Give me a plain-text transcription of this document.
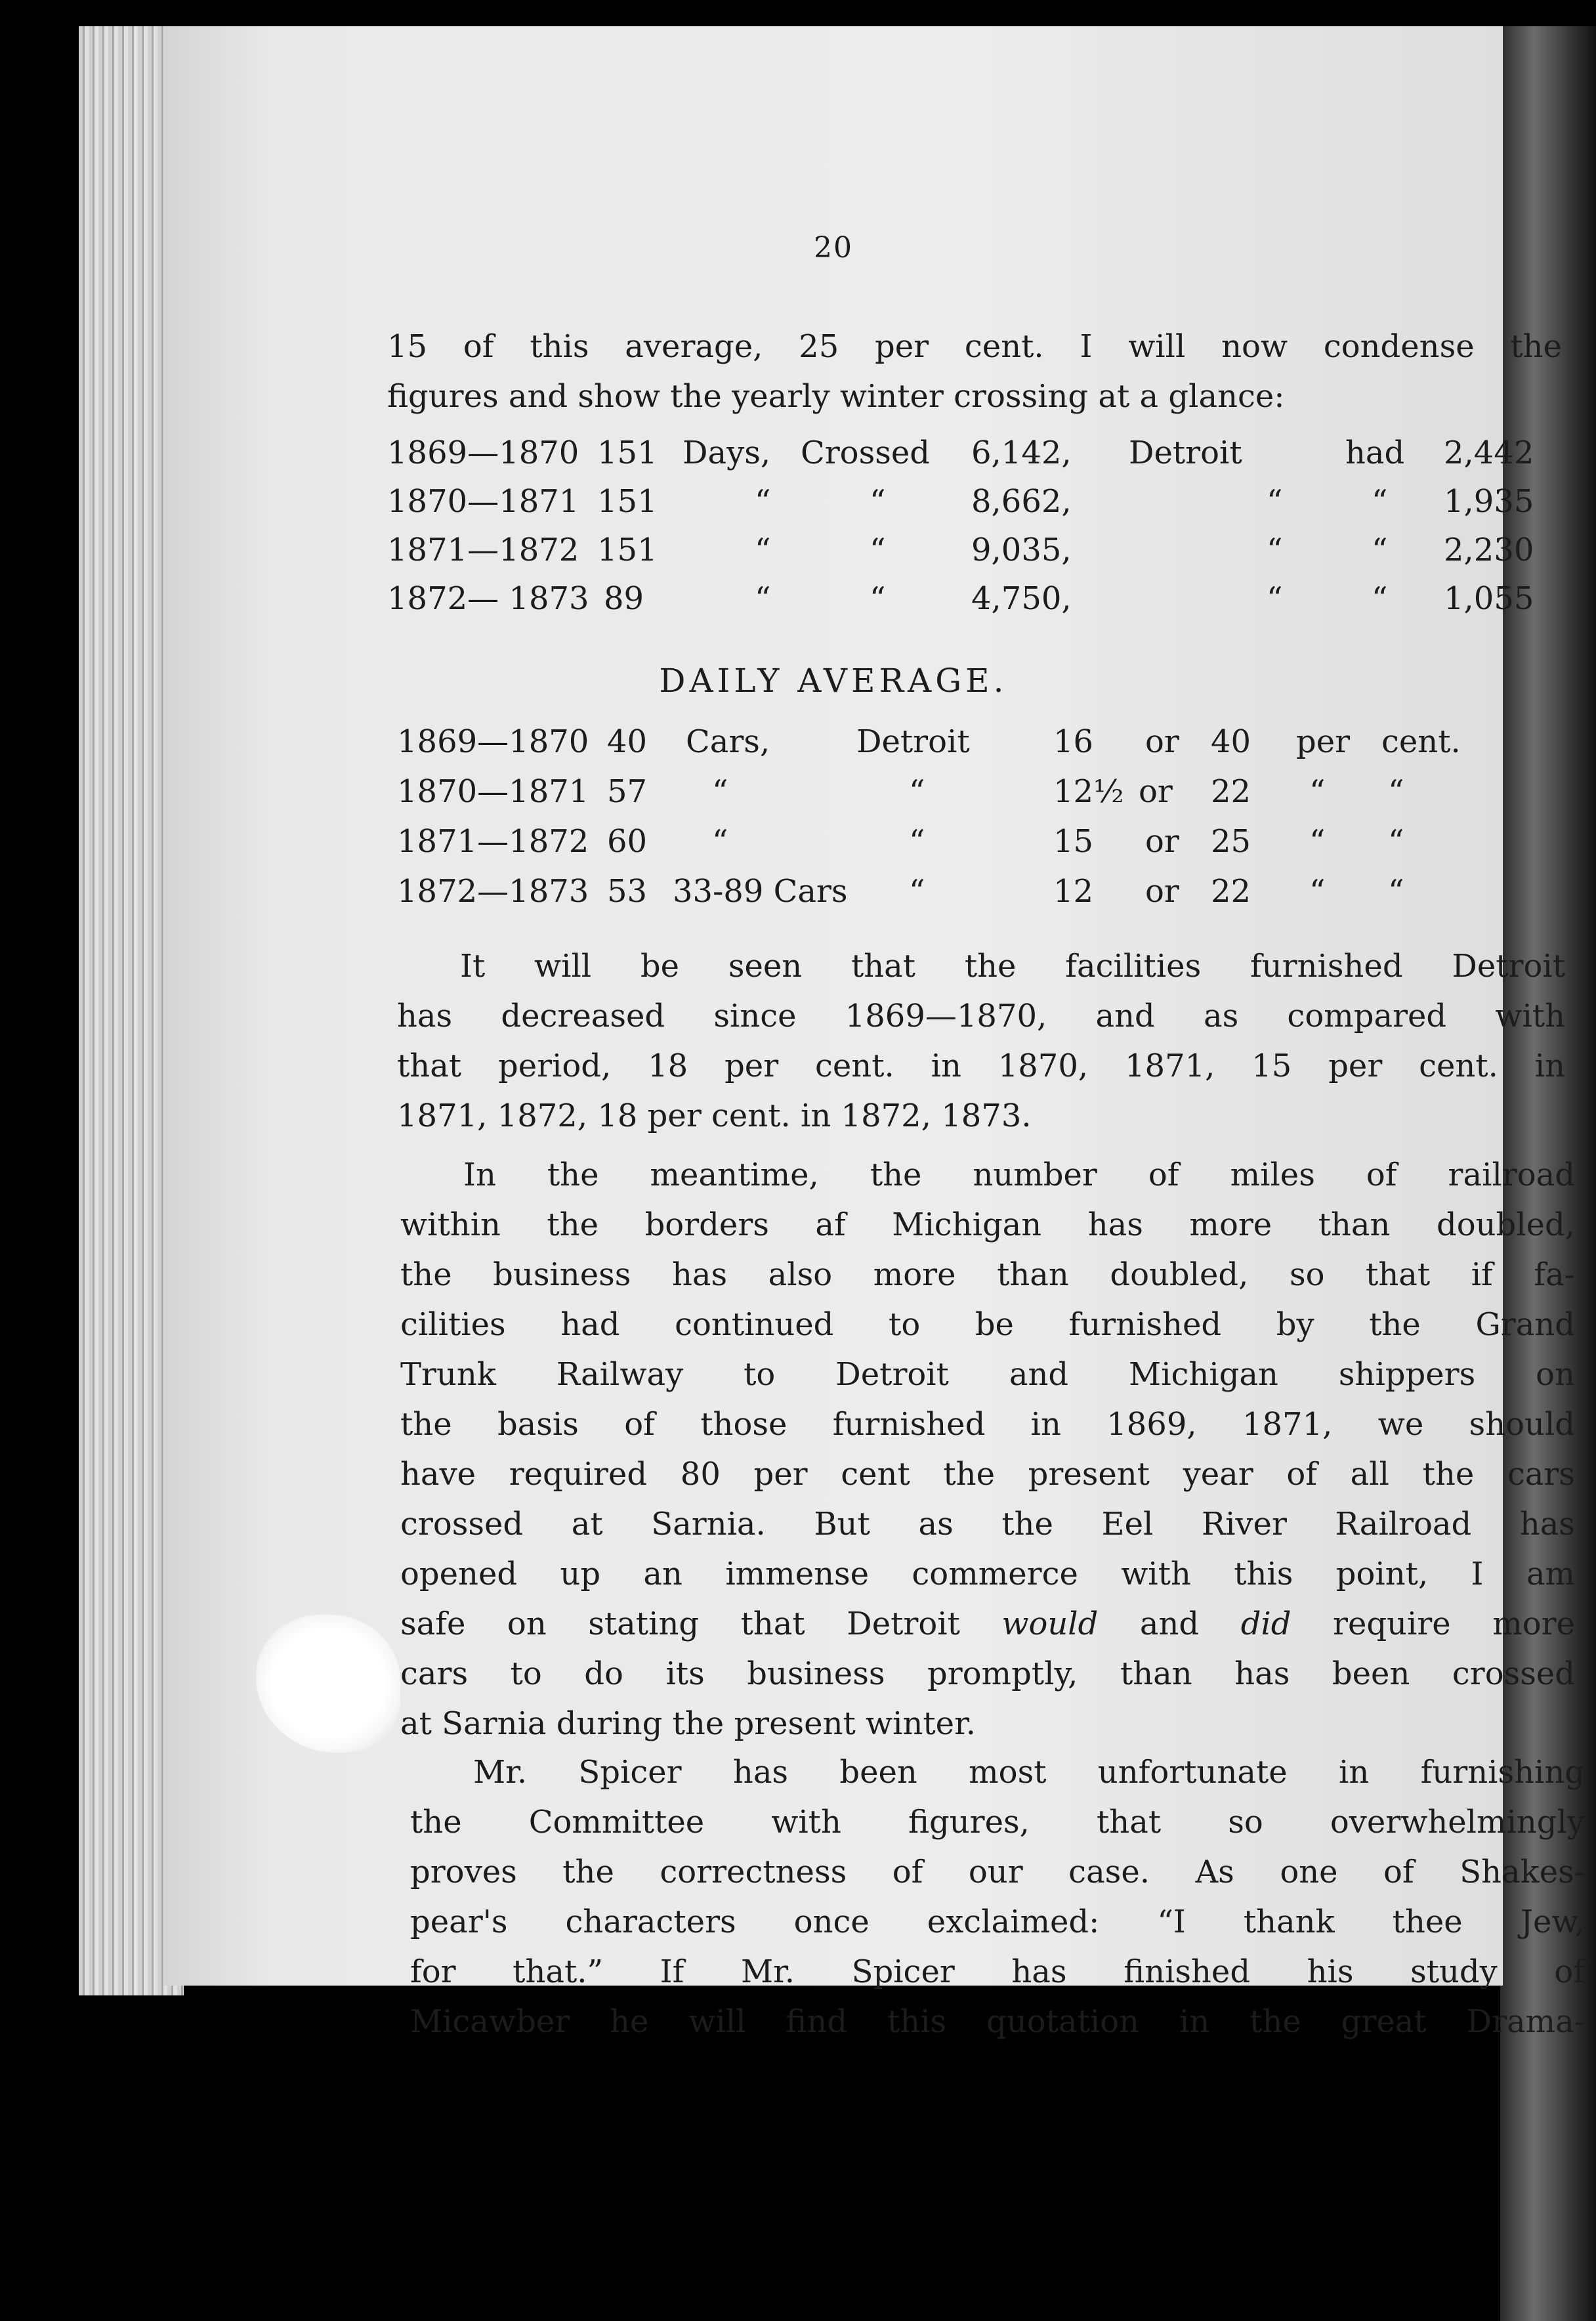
20
15 of this average, 25 per cent. I will now condense the
figures and show the yearly winter crossing at a glance:
1869—1870 151 Days, Crossed 6,142, Detroit	had 2,442
1870—1871 151	“	“	8,662,	“	“ 1,935
1871—1872 151	“	“	9,035,	“	“ 2,230
1872— 1873 89	“	“	4,750,	“	“ 1,055
DAILY AVERAGE.
1869—1870 40 Cars,	Detroit	16 or 40 per cent.
1870—1871 57 “	“	12½ or 22 “ “
1871—1872 60 “	“	15 or 25 “ “
1872—1873 53 33-89 Cars “	12 or 22 “ “
It will be seen that the facilities furnished Detroit
has decreased since 1869—1870, and as compared with
that period, 18 per cent. in 1870, 1871, 15 per cent. in
1871, 1872, 18 per cent. in 1872, 1873.
In the meantime, the number of miles of railroad
within the borders af Michigan has more than doubled,
the business has also more than doubled, so that if fa-
cilities had continued to be furnished by the Grand
Trunk Railway to Detroit and Michigan shippers on
the basis of those furnished in 1869, 1871, we should
have required 80 per cent the present year of all the cars
crossed at Sarnia. But as the Eel River Railroad has
opened up an immense commerce with this point, I am
safe on stating that Detroit would and did require more
cars to do its business promptly, than has been crossed
at Sarnia during the present winter.
Mr. Spicer has been most unfortunate in furnishing
the Committee with figures, that so overwhelmingly
proves the correctness of our case. As one of Shakes-
pear's characters once exclaimed: “I thank thee Jew,
for that.” If Mr. Spicer has finished his study of
Micawber he will find this quotation in the great Drama-
